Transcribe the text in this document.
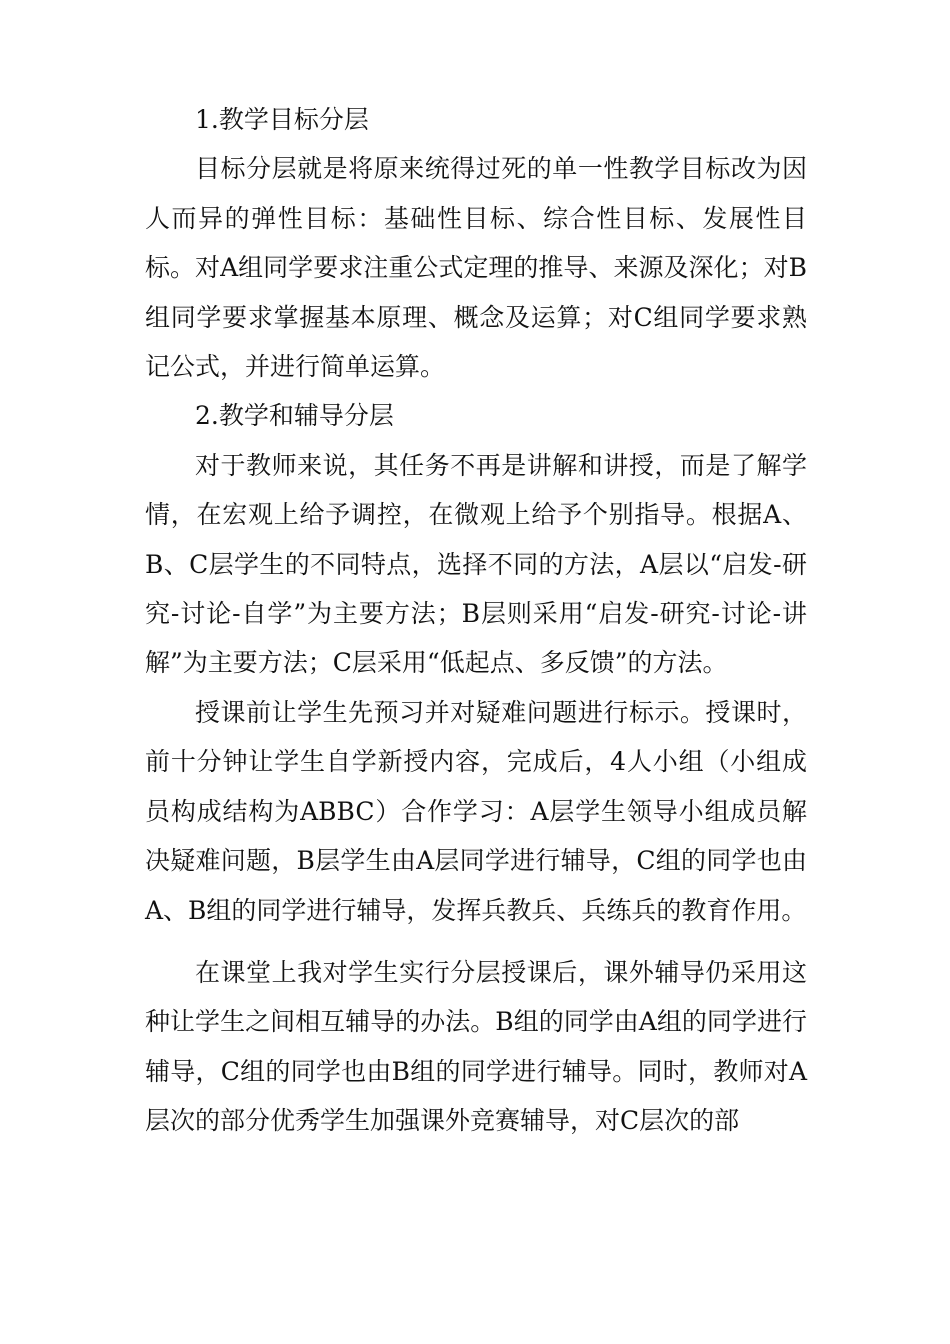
1.教学目标分层

目标分层就是将原来统得过死的单一性教学目标改为因人而异的弹性目标：基础性目标、综合性目标、发展性目标。对A组同学要求注重公式定理的推导、来源及深化；对B组同学要求掌握基本原理、概念及运算；对C组同学要求熟记公式，并进行简单运算。

2.教学和辅导分层

对于教师来说，其任务不再是讲解和讲授，而是了解学情，在宏观上给予调控，在微观上给予个别指导。根据A、B、C层学生的不同特点，选择不同的方法，A层以“启发-研究-讨论-自学”为主要方法；B层则采用“启发-研究-讨论-讲解”为主要方法；C层采用“低起点、多反馈”的方法。

授课前让学生先预习并对疑难问题进行标示。授课时，前十分钟让学生自学新授内容，完成后，4人小组（小组成员构成结构为ABBC）合作学习：A层学生领导小组成员解决疑难问题，B层学生由A层同学进行辅导，C组的同学也由A、B组的同学进行辅导，发挥兵教兵、兵练兵的教育作用。

在课堂上我对学生实行分层授课后，课外辅导仍采用这种让学生之间相互辅导的办法。B组的同学由A组的同学进行辅导，C组的同学也由B组的同学进行辅导。同时，教师对A层次的部分优秀学生加强课外竞赛辅导，对C层次的部
